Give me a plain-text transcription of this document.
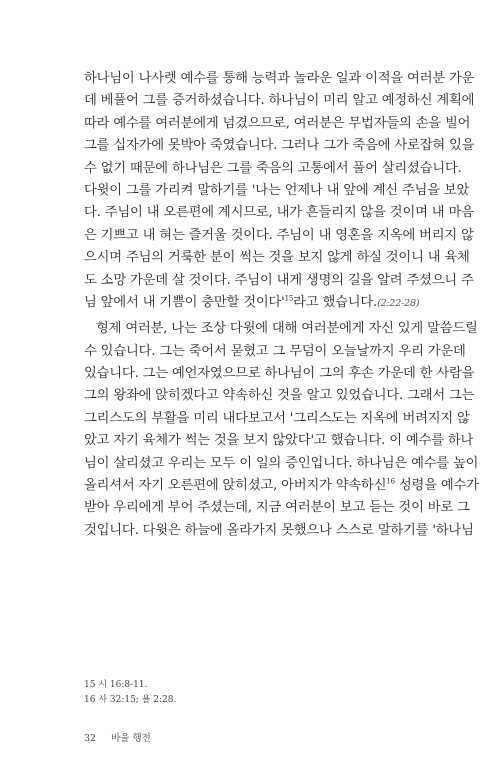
하나님이 나사렛 예수를 통해 능력과 놀라운 일과 이적을 여러분 가운
데 베풀어 그를 증거하셨습니다. 하나님이 미리 알고 예정하신 계획에
따라 예수를 여러분에게 넘겼으므로, 여러분은 무법자들의 손을 빌어
그를 십자가에 못박아 죽였습니다. 그러나 그가 죽음에 사로잡혀 있을
수 없기 때문에 하나님은 그를 죽음의 고통에서 풀어 살리셨습니다.
다윗이 그를 가리켜 말하기를 '나는 언제나 내 앞에 계신 주님을 보았
다. 주님이 내 오른편에 계시므로, 내가 흔들리지 않을 것이며 내 마음
은 기쁘고 내 혀는 즐거울 것이다. 주님이 내 영혼을 지옥에 버리지 않
으시며 주님의 거룩한 분이 썩는 것을 보지 않게 하실 것이니 내 육체
도 소망 가운데 살 것이다. 주님이 내게 생명의 길을 알려 주셨으니 주
님 앞에서 내 기쁨이 충만할 것이다'$^{15}$라고 했습니다.(2:22-28)
형제 여러분, 나는 조상 다윗에 대해 여러분에게 자신 있게 말씀드릴
수 있습니다. 그는 죽어서 묻혔고 그 무덤이 오늘날까지 우리 가운데
있습니다. 그는 예언자였으므로 하나님이 그의 후손 가운데 한 사람을
그의 왕좌에 앉히겠다고 약속하신 것을 알고 있었습니다. 그래서 그는
그리스도의 부활을 미리 내다보고서 '그리스도는 지옥에 버려지지 않
았고 자기 육체가 썩는 것을 보지 않았다'고 했습니다. 이 예수를 하나
님이 살리셨고 우리는 모두 이 일의 증인입니다. 하나님은 예수를 높이
올리셔서 자기 오른편에 앉히셨고, 아버지가 약속하신$^{16}$ 성령을 예수가
받아 우리에게 부어 주셨는데, 지금 여러분이 보고 듣는 것이 바로 그
것입니다. 다윗은 하늘에 올라가지 못했으나 스스로 말하기를 '하나님
15 시 16:8-11.
16 사 32:15; 욜 2:28.
32 바울 행전
